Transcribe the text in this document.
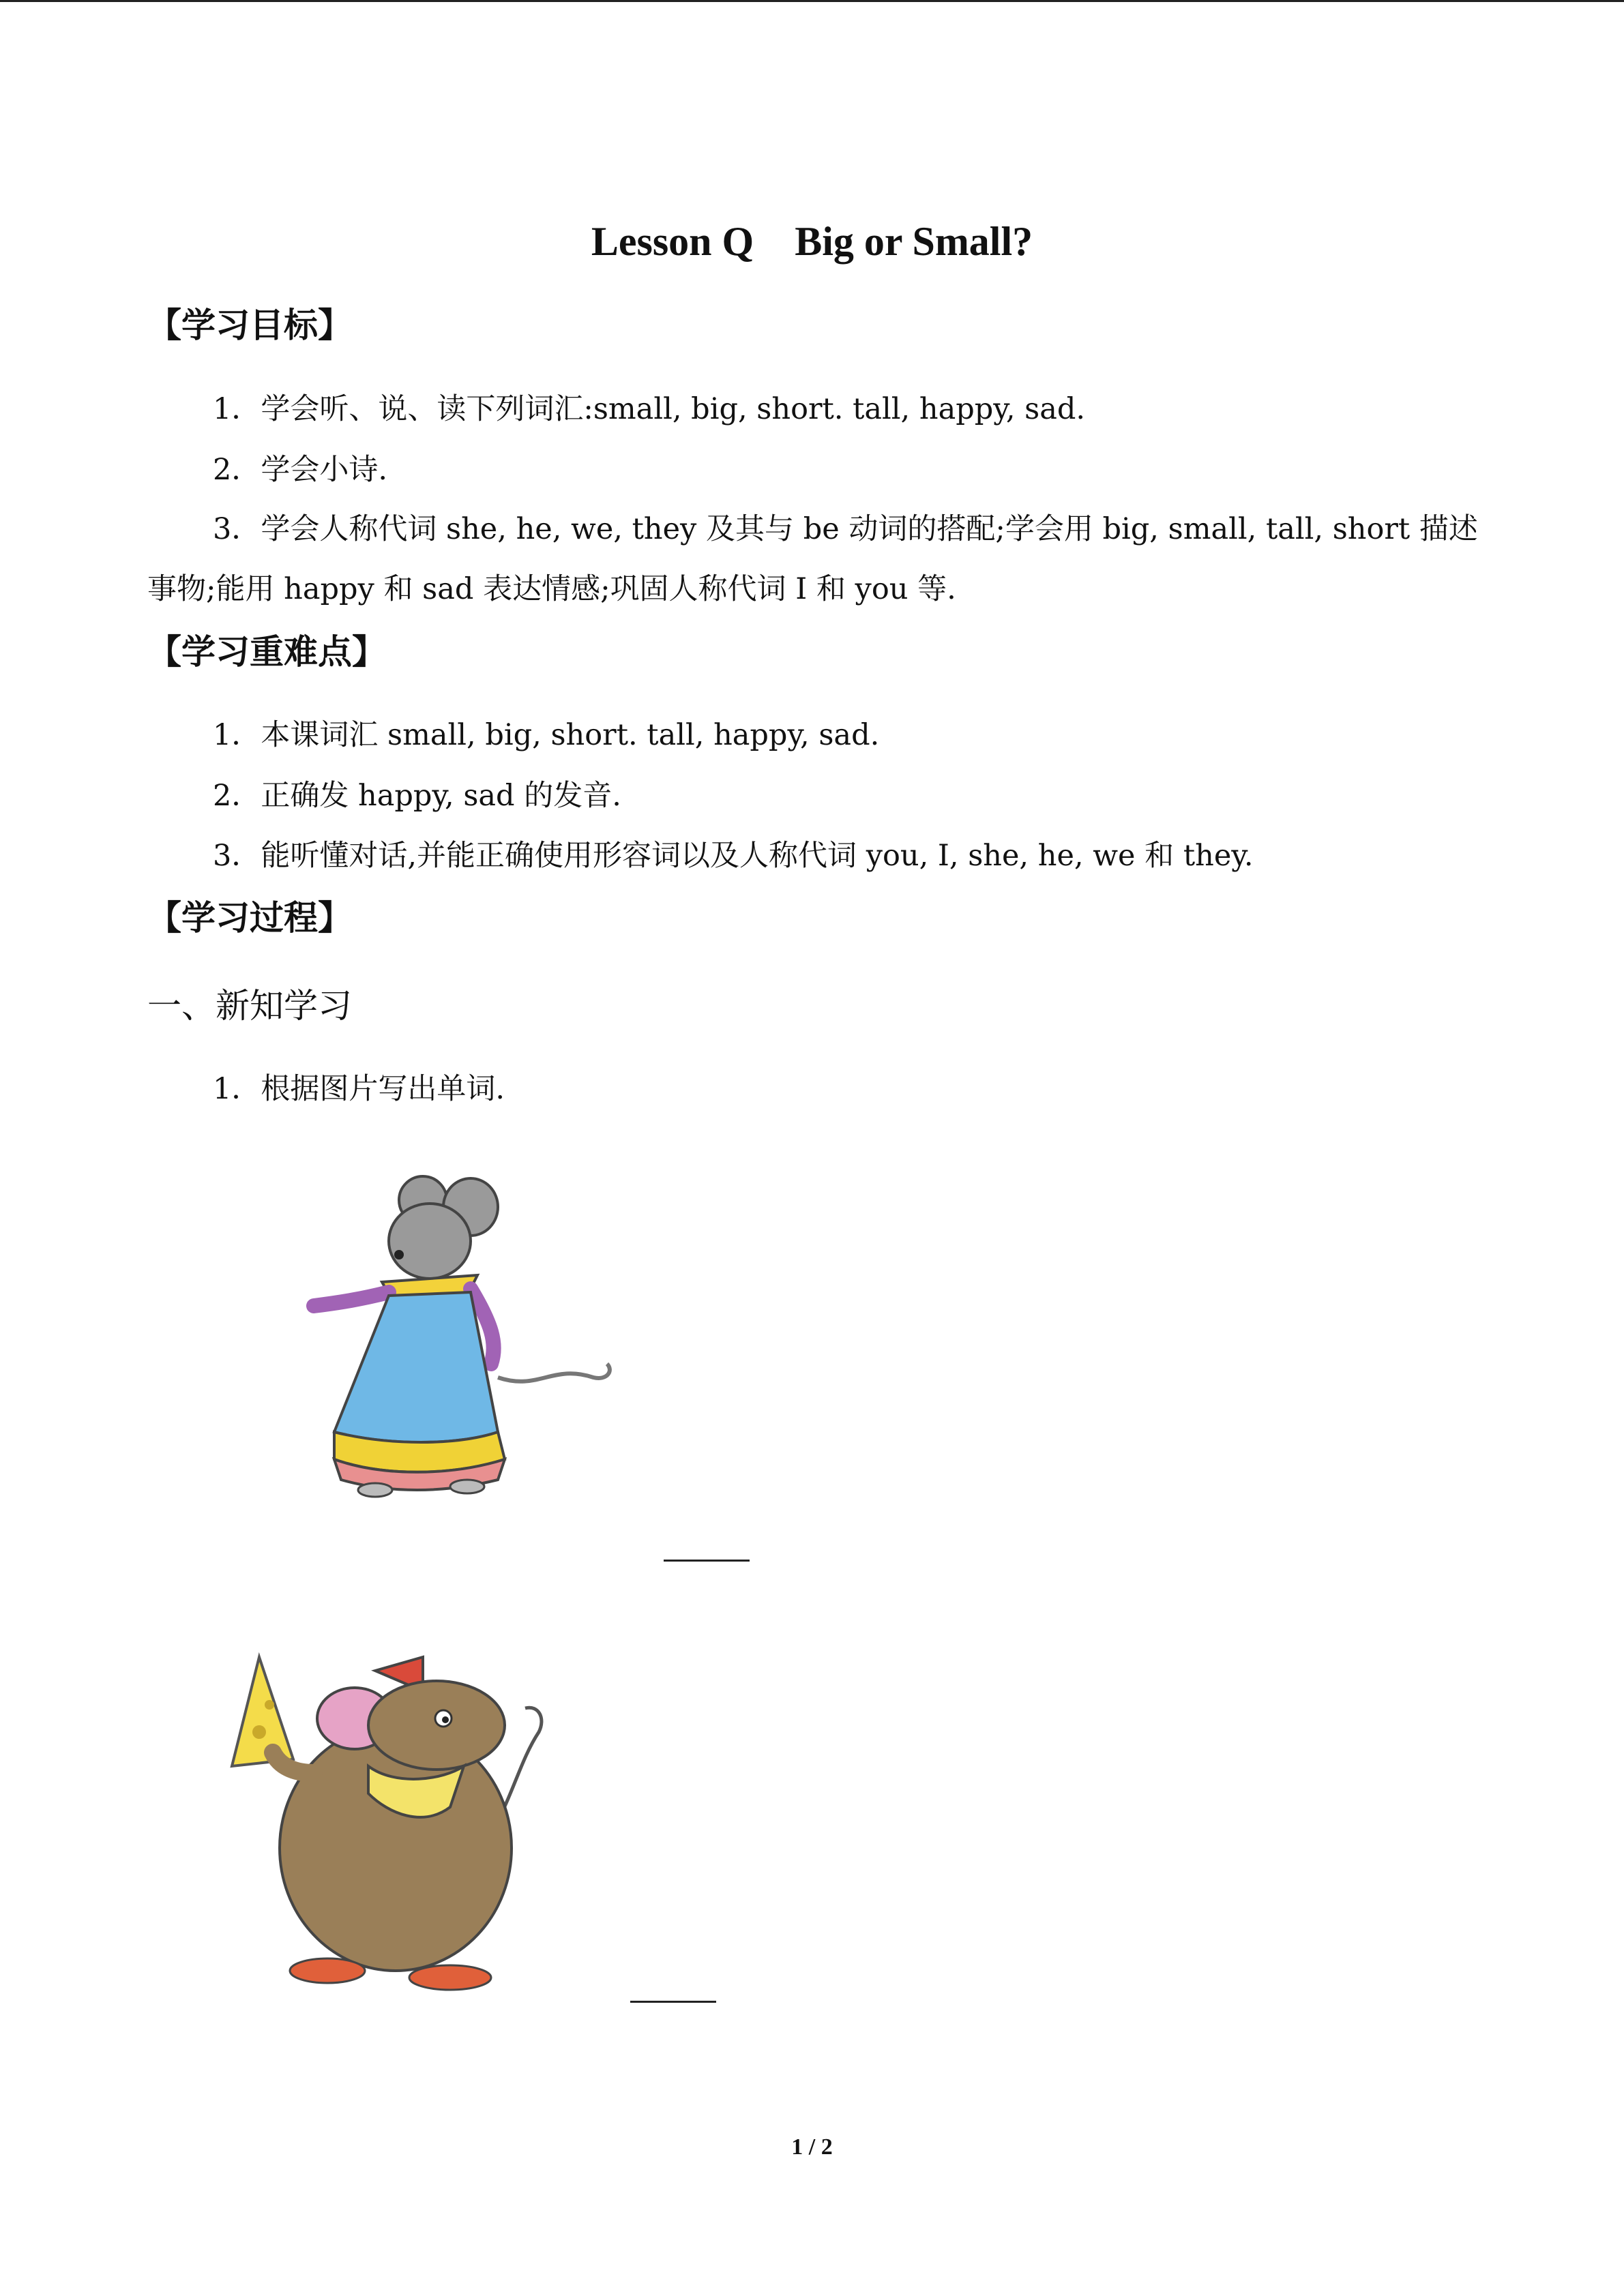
Lesson Q    Big or Small?
【学习目标】
1．学会听、说、读下列词汇:small, big, short. tall, happy, sad.
2．学会小诗.
3．学会人称代词 she, he, we, they 及其与 be 动词的搭配;学会用 big, small, tall, short 描述
事物;能用 happy 和 sad 表达情感;巩固人称代词 I 和 you 等.
【学习重难点】
1．本课词汇 small, big, short. tall, happy, sad.
2．正确发 happy, sad 的发音.
3．能听懂对话,并能正确使用形容词以及人称代词 you, I, she, he, we 和 they.
【学习过程】
一、新知学习
1．根据图片写出单词.
1 / 2
